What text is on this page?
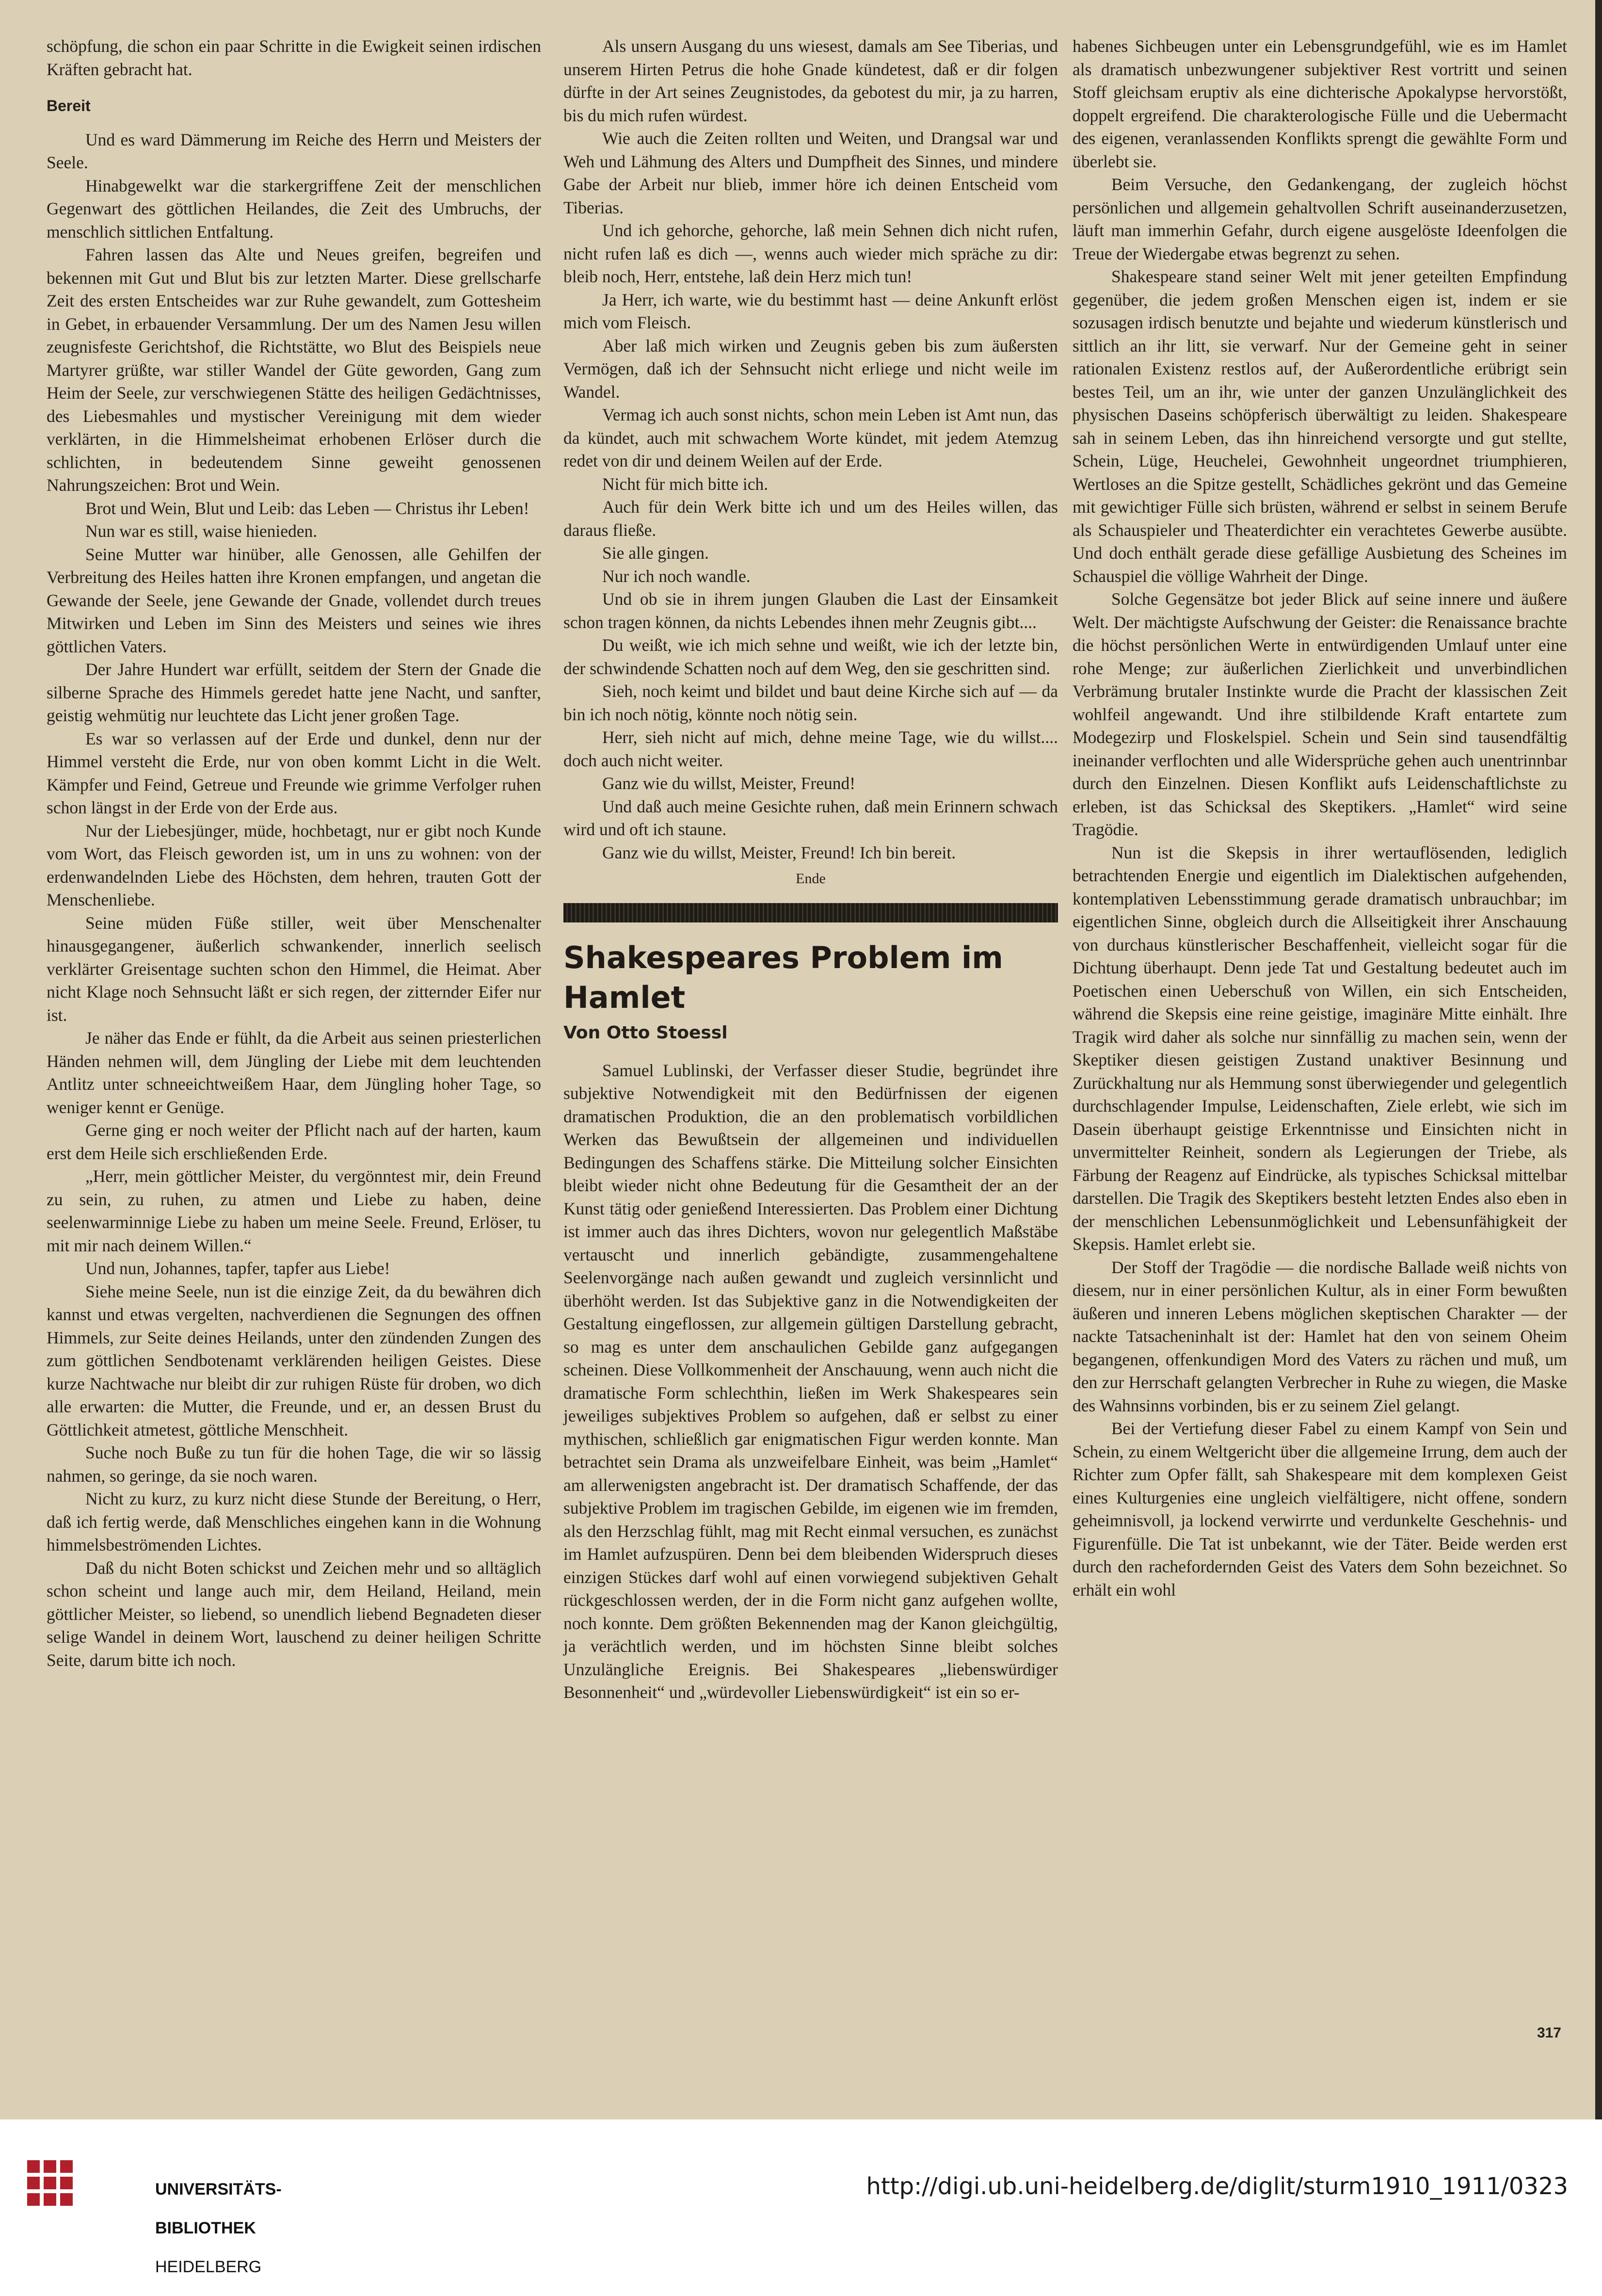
schöpfung, die schon ein paar Schritte in die Ewigkeit seinen irdischen Kräften gebracht hat.

Bereit

Und es ward Dämmerung im Reiche des Herrn und Meisters der Seele.

Hinabgewelkt war die starkergriffene Zeit der menschlichen Gegenwart des göttlichen Heilandes, die Zeit des Umbruchs, der menschlich sittlichen Entfaltung.

Fahren lassen das Alte und Neues greifen, begreifen und bekennen mit Gut und Blut bis zur letzten Marter. Diese grellscharfe Zeit des ersten Entscheides war zur Ruhe gewandelt, zum Gottesheim in Gebet, in erbauender Versammlung. Der um des Namen Jesu willen zeugnisfeste Gerichtshof, die Richtstätte, wo Blut des Beispiels neue Martyrer grüßte, war stiller Wandel der Güte geworden, Gang zum Heim der Seele, zur verschwiegenen Stätte des heiligen Gedächtnisses, des Liebesmahles und mystischer Vereinigung mit dem wieder verklärten, in die Himmelsheimat erhobenen Erlöser durch die schlichten, in bedeutendem Sinne geweiht genossenen Nahrungszeichen: Brot und Wein.

Brot und Wein, Blut und Leib: das Leben — Christus ihr Leben!

Nun war es still, waise hienieden.

Seine Mutter war hinüber, alle Genossen, alle Gehilfen der Verbreitung des Heiles hatten ihre Kronen empfangen, und angetan die Gewande der Seele, jene Gewande der Gnade, vollendet durch treues Mitwirken und Leben im Sinn des Meisters und seines wie ihres göttlichen Vaters.

Der Jahre Hundert war erfüllt, seitdem der Stern der Gnade die silberne Sprache des Himmels geredet hatte jene Nacht, und sanfter, geistig wehmütig nur leuchtete das Licht jener großen Tage.

Es war so verlassen auf der Erde und dunkel, denn nur der Himmel versteht die Erde, nur von oben kommt Licht in die Welt. Kämpfer und Feind, Getreue und Freunde wie grimme Verfolger ruhen schon längst in der Erde von der Erde aus.

Nur der Liebesjünger, müde, hochbetagt, nur er gibt noch Kunde vom Wort, das Fleisch geworden ist, um in uns zu wohnen: von der erdenwandelnden Liebe des Höchsten, dem hehren, trauten Gott der Menschenliebe.

Seine müden Füße stiller, weit über Menschenalter hinausgegangener, äußerlich schwankender, innerlich seelisch verklärter Greisentage suchten schon den Himmel, die Heimat. Aber nicht Klage noch Sehnsucht läßt er sich regen, der zitternder Eifer nur ist.

Je näher das Ende er fühlt, da die Arbeit aus seinen priesterlichen Händen nehmen will, dem Jüngling der Liebe mit dem leuchtenden Antlitz unter schneeichtweißem Haar, dem Jüngling hoher Tage, so weniger kennt er Genüge.

Gerne ging er noch weiter der Pflicht nach auf der harten, kaum erst dem Heile sich erschließenden Erde.

„Herr, mein göttlicher Meister, du vergönntest mir, dein Freund zu sein, zu ruhen, zu atmen und Liebe zu haben, deine seelenwarminnige Liebe zu haben um meine Seele. Freund, Erlöser, tu mit mir nach deinem Willen.“

Und nun, Johannes, tapfer, tapfer aus Liebe!

Siehe meine Seele, nun ist die einzige Zeit, da du bewähren dich kannst und etwas vergelten, nachverdienen die Segnungen des offnen Himmels, zur Seite deines Heilands, unter den zündenden Zungen des zum göttlichen Sendbotenamt verklärenden heiligen Geistes. Diese kurze Nachtwache nur bleibt dir zur ruhigen Rüste für droben, wo dich alle erwarten: die Mutter, die Freunde, und er, an dessen Brust du Göttlichkeit atmetest, göttliche Menschheit.

Suche noch Buße zu tun für die hohen Tage, die wir so lässig nahmen, so geringe, da sie noch waren.

Nicht zu kurz, zu kurz nicht diese Stunde der Bereitung, o Herr, daß ich fertig werde, daß Menschliches eingehen kann in die Wohnung himmelsbeströmenden Lichtes.

Daß du nicht Boten schickst und Zeichen mehr und so alltäglich schon scheint und lange auch mir, dem Heiland, Heiland, mein göttlicher Meister, so liebend, so unendlich liebend Begnadeten dieser selige Wandel in deinem Wort, lauschend zu deiner heiligen Schritte Seite, darum bitte ich noch.

Als unsern Ausgang du uns wiesest, damals am See Tiberias, und unserem Hirten Petrus die hohe Gnade kündetest, daß er dir folgen dürfte in der Art seines Zeugnistodes, da gebotest du mir, ja zu harren, bis du mich rufen würdest.

Wie auch die Zeiten rollten und Weiten, und Drangsal war und Weh und Lähmung des Alters und Dumpfheit des Sinnes, und mindere Gabe der Arbeit nur blieb, immer höre ich deinen Entscheid vom Tiberias.

Und ich gehorche, gehorche, laß mein Sehnen dich nicht rufen, nicht rufen laß es dich —, wenns auch wieder mich spräche zu dir: bleib noch, Herr, entstehe, laß dein Herz mich tun!

Ja Herr, ich warte, wie du bestimmt hast — deine Ankunft erlöst mich vom Fleisch.

Aber laß mich wirken und Zeugnis geben bis zum äußersten Vermögen, daß ich der Sehnsucht nicht erliege und nicht weile im Wandel.

Vermag ich auch sonst nichts, schon mein Leben ist Amt nun, das da kündet, auch mit schwachem Worte kündet, mit jedem Atemzug redet von dir und deinem Weilen auf der Erde.

Nicht für mich bitte ich.

Auch für dein Werk bitte ich und um des Heiles willen, das daraus fließe.

Sie alle gingen.

Nur ich noch wandle.

Und ob sie in ihrem jungen Glauben die Last der Einsamkeit schon tragen können, da nichts Lebendes ihnen mehr Zeugnis gibt....

Du weißt, wie ich mich sehne und weißt, wie ich der letzte bin, der schwindende Schatten noch auf dem Weg, den sie geschritten sind.

Sieh, noch keimt und bildet und baut deine Kirche sich auf — da bin ich noch nötig, könnte noch nötig sein.

Herr, sieh nicht auf mich, dehne meine Tage, wie du willst.... doch auch nicht weiter.

Ganz wie du willst, Meister, Freund!

Und daß auch meine Gesichte ruhen, daß mein Erinnern schwach wird und oft ich staune.

Ganz wie du willst, Meister, Freund! Ich bin bereit.

Ende

Shakespeares Problem im Hamlet

Von Otto Stoessl

Samuel Lublinski, der Verfasser dieser Studie, begründet ihre subjektive Notwendigkeit mit den Bedürfnissen der eigenen dramatischen Produktion, die an den problematisch vorbildlichen Werken das Bewußtsein der allgemeinen und individuellen Bedingungen des Schaffens stärke. Die Mitteilung solcher Einsichten bleibt wieder nicht ohne Bedeutung für die Gesamtheit der an der Kunst tätig oder genießend Interessierten. Das Problem einer Dichtung ist immer auch das ihres Dichters, wovon nur gelegentlich Maßstäbe vertauscht und innerlich gebändigte, zusammengehaltene Seelenvorgänge nach außen gewandt und zugleich versinnlicht und überhöht werden. Ist das Subjektive ganz in die Notwendigkeiten der Gestaltung eingeflossen, zur allgemein gültigen Darstellung gebracht, so mag es unter dem anschaulichen Gebilde ganz aufgegangen scheinen. Diese Vollkommenheit der Anschauung, wenn auch nicht die dramatische Form schlechthin, ließen im Werk Shakespeares sein jeweiliges subjektives Problem so aufgehen, daß er selbst zu einer mythischen, schließlich gar enigmatischen Figur werden konnte. Man betrachtet sein Drama als unzweifelbare Einheit, was beim „Hamlet“ am allerwenigsten angebracht ist. Der dramatisch Schaffende, der das subjektive Problem im tragischen Gebilde, im eigenen wie im fremden, als den Herzschlag fühlt, mag mit Recht einmal versuchen, es zunächst im Hamlet aufzuspüren. Denn bei dem bleibenden Widerspruch dieses einzigen Stückes darf wohl auf einen vorwiegend subjektiven Gehalt rückgeschlossen werden, der in die Form nicht ganz aufgehen wollte, noch konnte. Dem größten Bekennenden mag der Kanon gleichgültig, ja verächtlich werden, und im höchsten Sinne bleibt solches Unzulängliche Ereignis. Bei Shakespeares „liebenswürdiger Besonnenheit“ und „würdevoller Liebenswürdigkeit“ ist ein so er-

habenes Sichbeugen unter ein Lebensgrundgefühl, wie es im Hamlet als dramatisch unbezwungener subjektiver Rest vortritt und seinen Stoff gleichsam eruptiv als eine dichterische Apokalypse hervorstößt, doppelt ergreifend. Die charakterologische Fülle und die Uebermacht des eigenen, veranlassenden Konflikts sprengt die gewählte Form und überlebt sie.

Beim Versuche, den Gedankengang, der zugleich höchst persönlichen und allgemein gehaltvollen Schrift auseinanderzusetzen, läuft man immerhin Gefahr, durch eigene ausgelöste Ideenfolgen die Treue der Wiedergabe etwas begrenzt zu sehen.

Shakespeare stand seiner Welt mit jener geteilten Empfindung gegenüber, die jedem großen Menschen eigen ist, indem er sie sozusagen irdisch benutzte und bejahte und wiederum künstlerisch und sittlich an ihr litt, sie verwarf. Nur der Gemeine geht in seiner rationalen Existenz restlos auf, der Außerordentliche erübrigt sein bestes Teil, um an ihr, wie unter der ganzen Unzulänglichkeit des physischen Daseins schöpferisch überwältigt zu leiden. Shakespeare sah in seinem Leben, das ihn hinreichend versorgte und gut stellte, Schein, Lüge, Heuchelei, Gewohnheit ungeordnet triumphieren, Wertloses an die Spitze gestellt, Schädliches gekrönt und das Gemeine mit gewichtiger Fülle sich brüsten, während er selbst in seinem Berufe als Schauspieler und Theaterdichter ein verachtetes Gewerbe ausübte. Und doch enthält gerade diese gefällige Ausbietung des Scheines im Schauspiel die völlige Wahrheit der Dinge.

Solche Gegensätze bot jeder Blick auf seine innere und äußere Welt. Der mächtigste Aufschwung der Geister: die Renaissance brachte die höchst persönlichen Werte in entwürdigenden Umlauf unter eine rohe Menge; zur äußerlichen Zierlichkeit und unverbindlichen Verbrämung brutaler Instinkte wurde die Pracht der klassischen Zeit wohlfeil angewandt. Und ihre stilbildende Kraft entartete zum Modegezirp und Floskelspiel. Schein und Sein sind tausendfältig ineinander verflochten und alle Widersprüche gehen auch unentrinnbar durch den Einzelnen. Diesen Konflikt aufs Leidenschaftlichste zu erleben, ist das Schicksal des Skeptikers. „Hamlet“ wird seine Tragödie.

Nun ist die Skepsis in ihrer wertauflösenden, lediglich betrachtenden Energie und eigentlich im Dialektischen aufgehenden, kontemplativen Lebensstimmung gerade dramatisch unbrauchbar; im eigentlichen Sinne, obgleich durch die Allseitigkeit ihrer Anschauung von durchaus künstlerischer Beschaffenheit, vielleicht sogar für die Dichtung überhaupt. Denn jede Tat und Gestaltung bedeutet auch im Poetischen einen Ueberschuß von Willen, ein sich Entscheiden, während die Skepsis eine reine geistige, imaginäre Mitte einhält. Ihre Tragik wird daher als solche nur sinnfällig zu machen sein, wenn der Skeptiker diesen geistigen Zustand unaktiver Besinnung und Zurückhaltung nur als Hemmung sonst überwiegender und gelegentlich durchschlagender Impulse, Leidenschaften, Ziele erlebt, wie sich im Dasein überhaupt geistige Erkenntnisse und Einsichten nicht in unvermittelter Reinheit, sondern als Legierungen der Triebe, als Färbung der Reagenz auf Eindrücke, als typisches Schicksal mittelbar darstellen. Die Tragik des Skeptikers besteht letzten Endes also eben in der menschlichen Lebensunmöglichkeit und Lebensunfähigkeit der Skepsis. Hamlet erlebt sie.

Der Stoff der Tragödie — die nordische Ballade weiß nichts von diesem, nur in einer persönlichen Kultur, als in einer Form bewußten äußeren und inneren Lebens möglichen skeptischen Charakter — der nackte Tatsacheninhalt ist der: Hamlet hat den von seinem Oheim begangenen, offenkundigen Mord des Vaters zu rächen und muß, um den zur Herrschaft gelangten Verbrecher in Ruhe zu wiegen, die Maske des Wahnsinns vorbinden, bis er zu seinem Ziel gelangt.

Bei der Vertiefung dieser Fabel zu einem Kampf von Sein und Schein, zu einem Weltgericht über die allgemeine Irrung, dem auch der Richter zum Opfer fällt, sah Shakespeare mit dem komplexen Geist eines Kulturgenies eine ungleich vielfältigere, nicht offene, sondern geheimnisvoll, ja lockend verwirrte und verdunkelte Geschehnis- und Figurenfülle. Die Tat ist unbekannt, wie der Täter. Beide werden erst durch den rachefordernden Geist des Vaters dem Sohn bezeichnet. So erhält ein wohl

317

UNIVERSITÄTS-

BIBLIOTHEK

HEIDELBERG

http://digi.ub.uni-heidelberg.de/diglit/sturm1910_1911/0323
